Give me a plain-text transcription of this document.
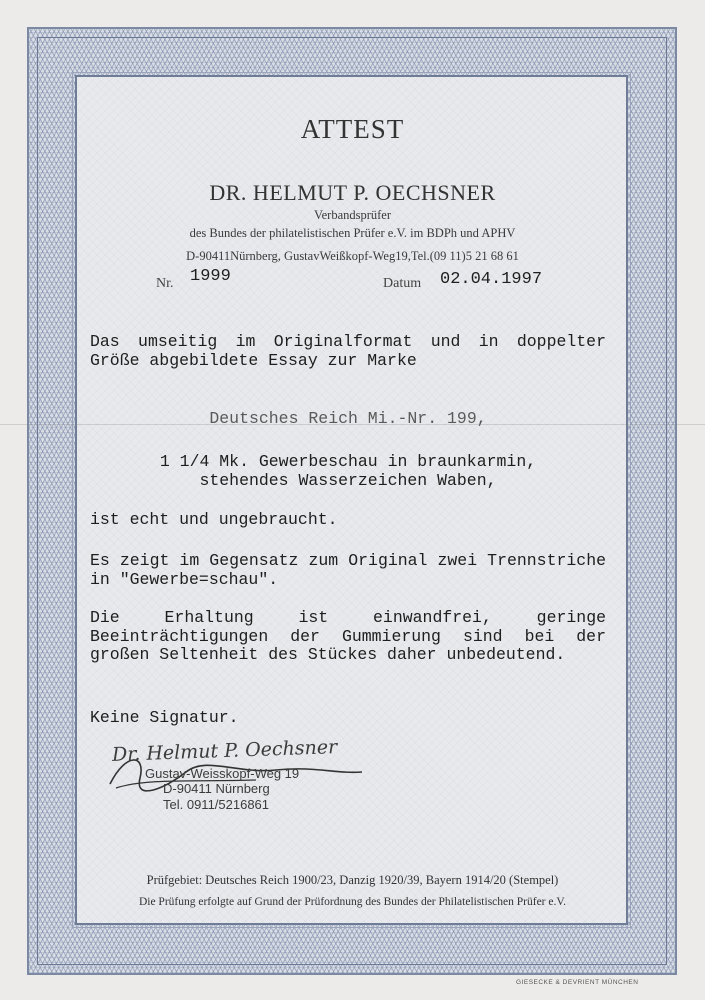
ATTEST
DR. HELMUT P. OECHSNER
Verbandsprüfer
des Bundes der philatelistischen Prüfer e.V. im BDPh und APHV
D-90411Nürnberg, GustavWeißkopf-Weg19,Tel.(09 11)5 21 68 61
Nr. 1999	Datum 02.04.1997
Das umseitig im Originalformat und in doppelter Größe abgebildete Essay zur Marke
Deutsches Reich Mi.-Nr. 199,
1 1/4 Mk. Gewerbeschau in braunkarmin,
stehendes Wasserzeichen Waben,
ist echt und ungebraucht.
Es zeigt im Gegensatz zum Original zwei Trennstriche in "Gewerbe=schau".
Die Erhaltung ist einwandfrei, geringe Beeinträchtigungen der Gummierung sind bei der großen Seltenheit des Stückes daher unbedeutend.
Keine Signatur.
Dr. Helmut P. Oechsner
Gustav-Weisskopf-Weg 19
D-90411 Nürnberg
Tel. 0911/5216861
Prüfgebiet: Deutsches Reich 1900/23, Danzig 1920/39, Bayern 1914/20 (Stempel)
Die Prüfung erfolgte auf Grund der Prüfordnung des Bundes der Philatelistischen Prüfer e.V.
GIESECKE & DEVRIENT MÜNCHEN
